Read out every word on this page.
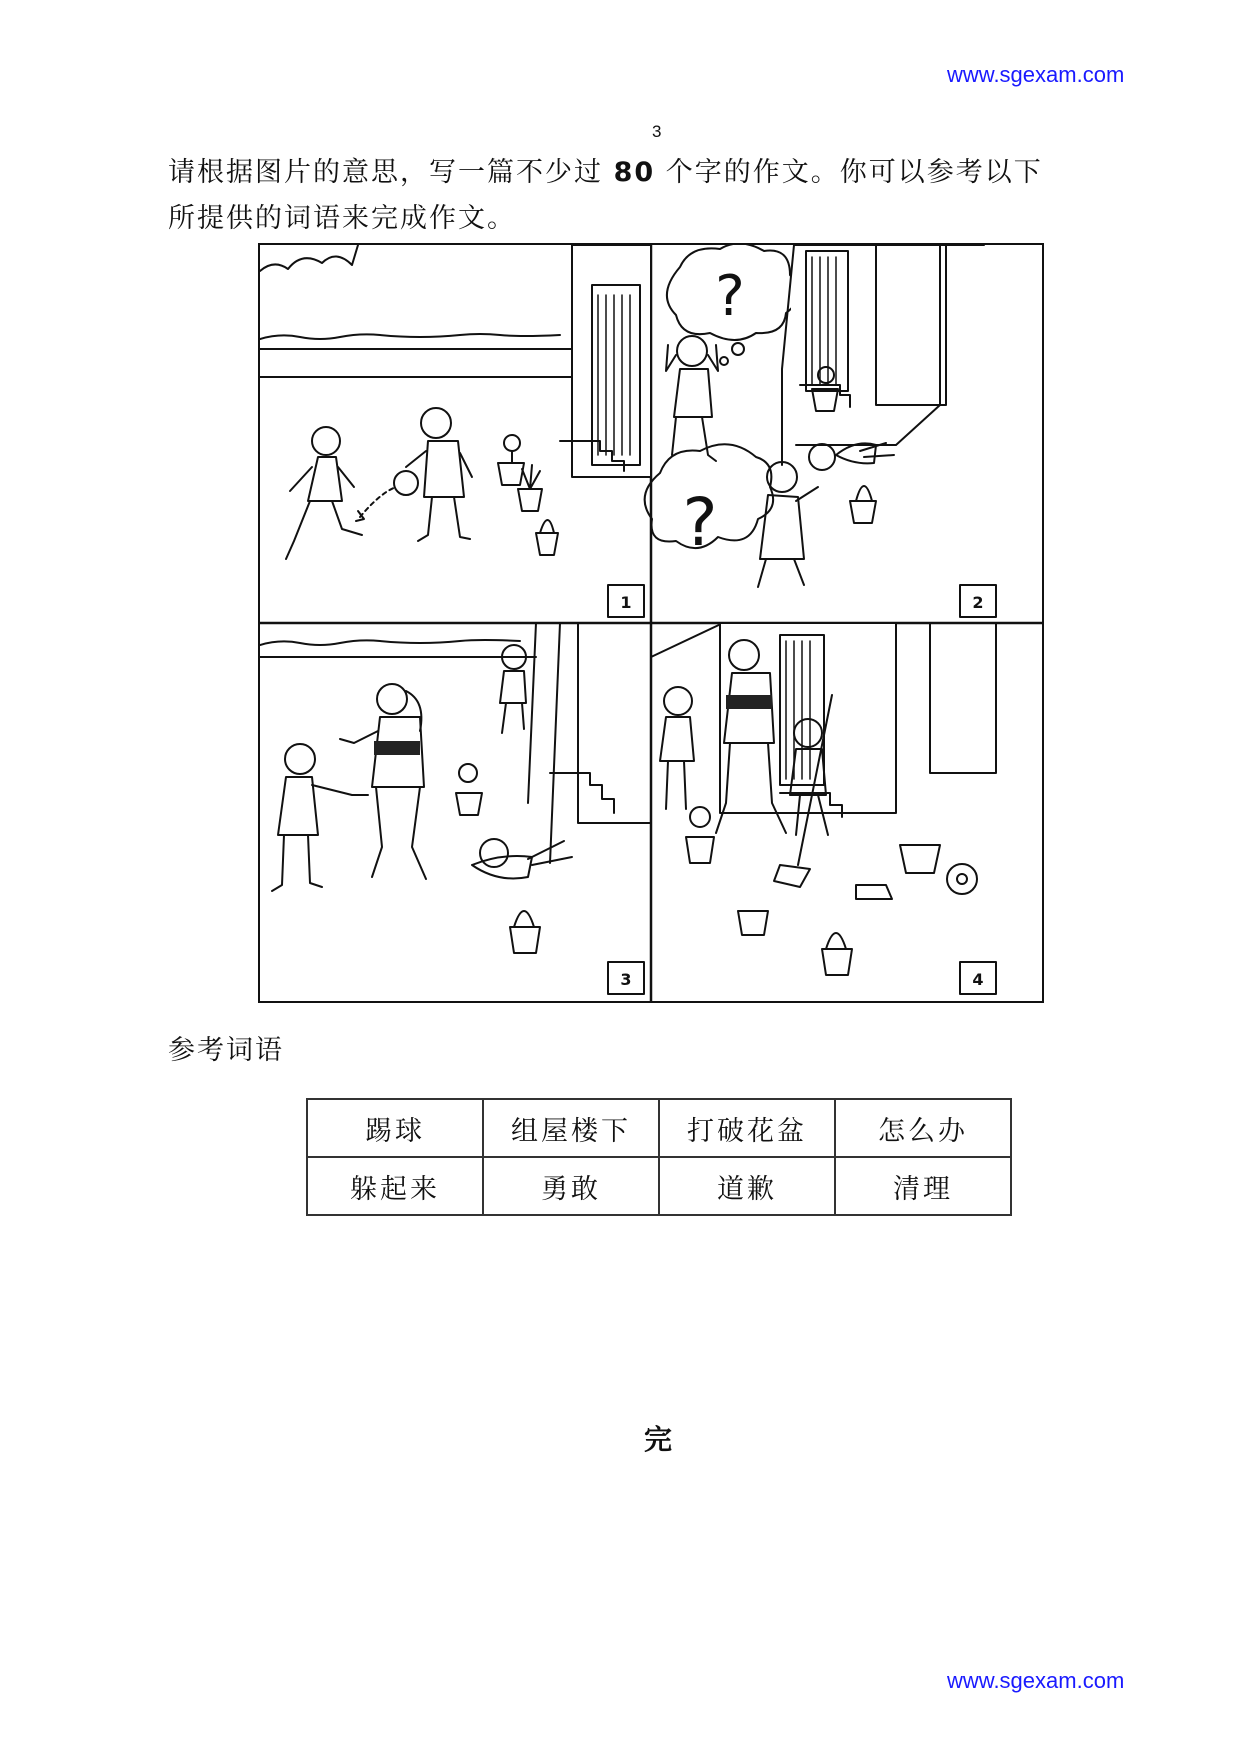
www.sgexam.com
3
请根据图片的意思，写一篇不少过 80 个字的作文。你可以参考以下
所提供的词语来完成作文。
?
?
1	2
3	4
参考词语
踢球	组屋楼下	打破花盆	怎么办
躲起来	勇敢	道歉	清理
完
www.sgexam.com
